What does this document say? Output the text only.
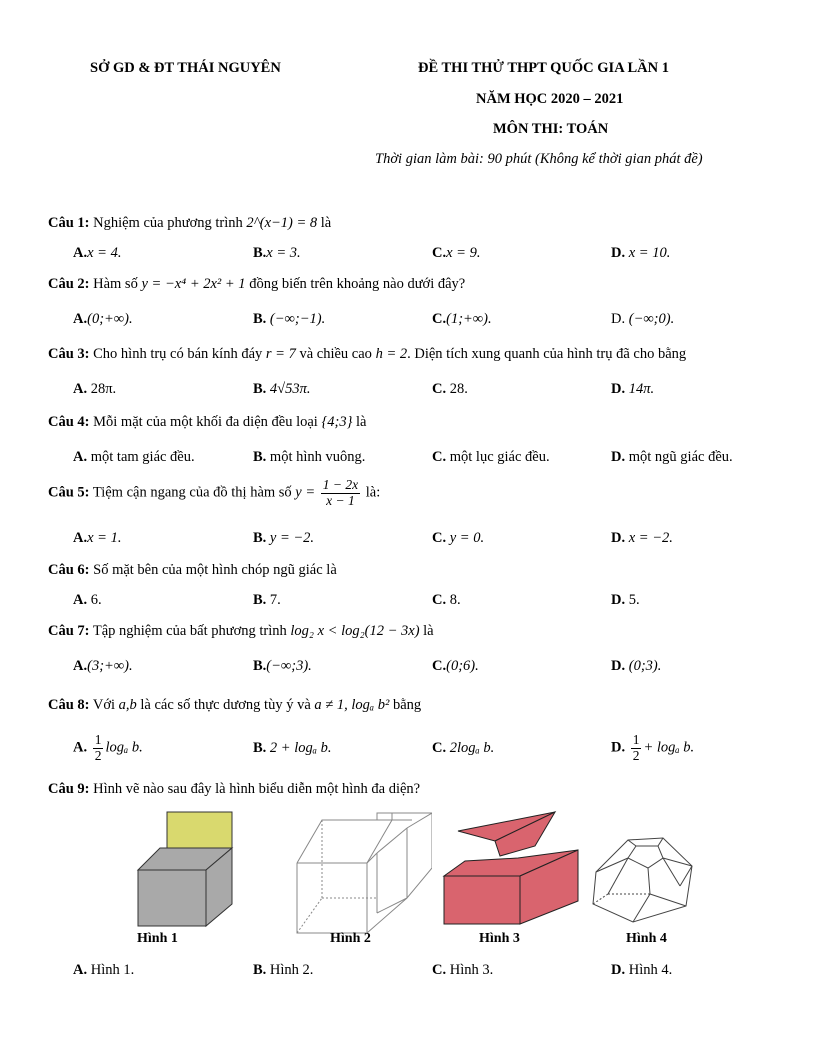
SỞ GD & ĐT THÁI NGUYÊN	ĐỀ THI THỬ THPT QUỐC GIA LẦN 1
NĂM HỌC 2020 – 2021
MÔN THI: TOÁN
Thời gian làm bài: 90 phút (Không kể thời gian phát đề)
Câu 1: Nghiệm của phương trình 2^(x−1) = 8 là
A.x = 4.	B.x = 3.	C.x = 9.	D. x = 10.
Câu 2: Hàm số y = −x⁴ + 2x² + 1 đồng biến trên khoảng nào dưới đây?
A.(0;+∞).	B. (−∞;−1).	C.(1;+∞).	D. (−∞;0).
Câu 3: Cho hình trụ có bán kính đáy r = 7 và chiều cao h = 2. Diện tích xung quanh của hình trụ đã cho bằng
A. 28π.	B. 4√53π.	C. 28.	D. 14π.
Câu 4: Mỗi mặt của một khối đa diện đều loại {4;3} là
A. một tam giác đều.	B. một hình vuông.	C. một lục giác đều.	D. một ngũ giác đều.
Câu 5: Tiệm cận ngang của đồ thị hàm số $y = \frac{1 - 2x}{x - 1}$ là:
A.x = 1.	B. y = −2.	C. y = 0.	D. x = −2.
Câu 6: Số mặt bên của một hình chóp ngũ giác là
A. 6.	B. 7.	C. 8.	D. 5.
Câu 7: Tập nghiệm của bất phương trình log₂ x < log₂(12 − 3x) là
A.(3;+∞).	B.(−∞;3).	C.(0;6).	D. (0;3).
Câu 8: Với a,b là các số thực dương tùy ý và a ≠ 1, logₐ b² bằng
A. $\frac{1}{2}$ logₐ b.	B. 2 + logₐ b.	C. 2logₐ b.	D. $\frac{1}{2} + \log_a$ b.
Câu 9: Hình vẽ nào sau đây là hình biểu diễn một hình đa diện?
Hình 1	Hình 2	Hình 3	Hình 4
A. Hình 1.	B. Hình 2.	C. Hình 3.	D. Hình 4.
